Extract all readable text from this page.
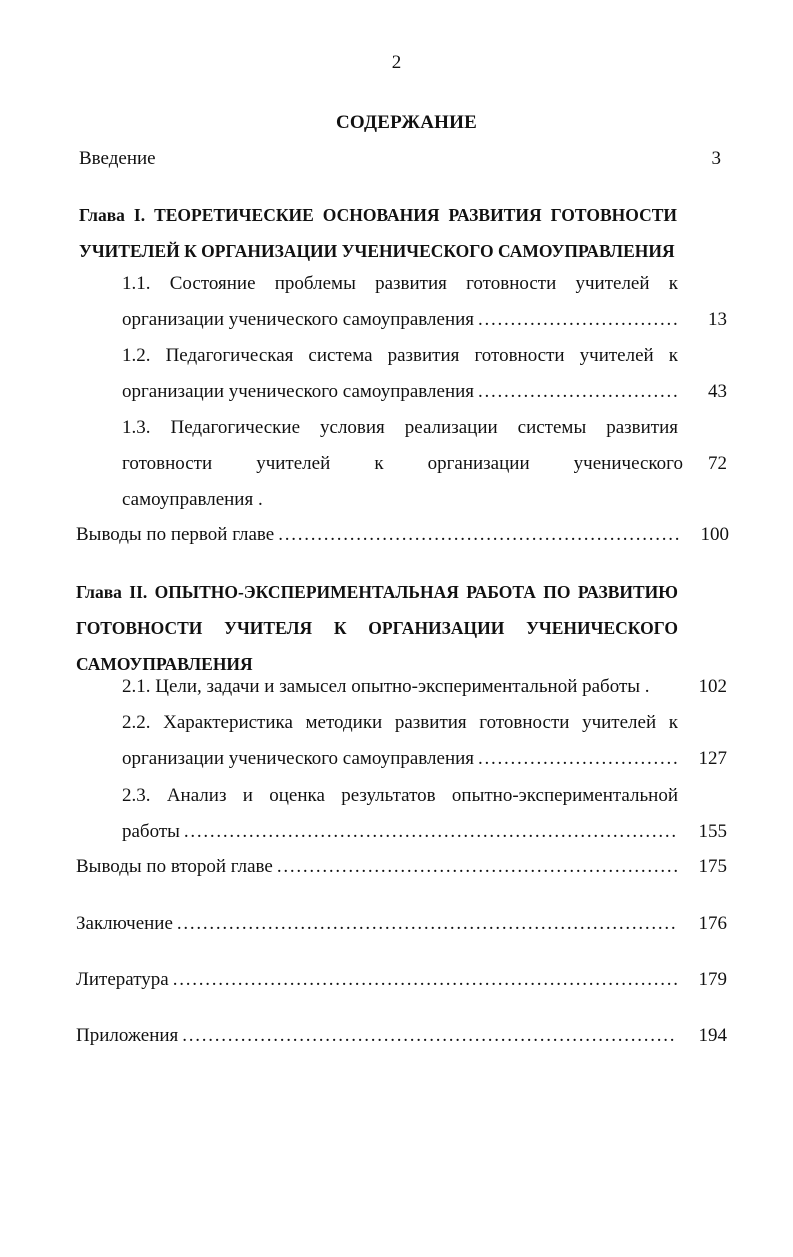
2
СОДЕРЖАНИЕ
Введение	3
Глава I. ТЕОРЕТИЧЕСКИЕ ОСНОВАНИЯ РАЗВИТИЯ ГОТОВНОСТИ
УЧИТЕЛЕЙ К ОРГАНИЗАЦИИ УЧЕНИЧЕСКОГО САМОУПРАВЛЕНИЯ
1.1. Состояние проблемы развития готовности учителей к
организации ученического самоуправления . . .	13
1.2. Педагогическая система развития готовности учителей к
организации ученического самоуправления . . .	43
1.3. Педагогические условия реализации системы развития
готовности учителей к организации ученического	72
самоуправления .
Выводы по первой главе . . .	100
Глава II. ОПЫТНО-ЭКСПЕРИМЕНТАЛЬНАЯ РАБОТА ПО РАЗВИТИЮ
ГОТОВНОСТИ УЧИТЕЛЯ К ОРГАНИЗАЦИИ УЧЕНИЧЕСКОГО
САМОУПРАВЛЕНИЯ
2.1. Цели, задачи и замысел опытно-экспериментальной работы .	102
2.2. Характеристика методики развития готовности учителей к
организации ученического самоуправления . . .	127
2.3. Анализ и оценка результатов опытно-экспериментальной
работы . . .	155
Выводы по второй главе . . .	175
Заключение . . .	176
Литература . . .	179
Приложения . . .	194
